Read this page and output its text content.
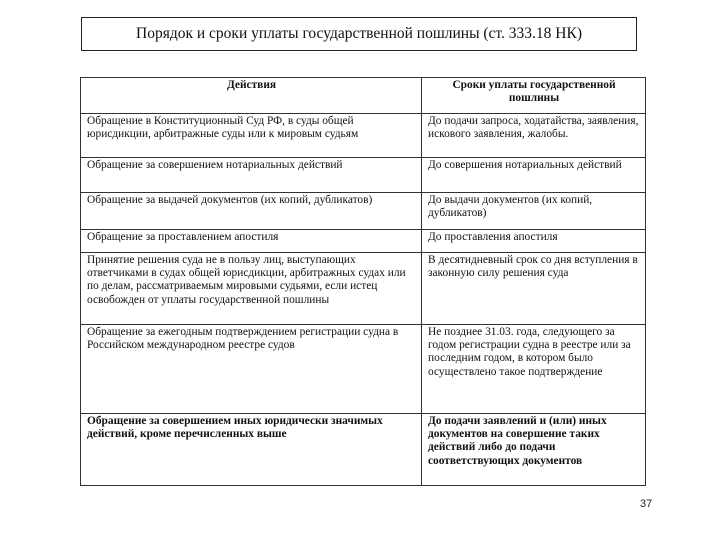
Порядок и сроки уплаты государственной пошлины (ст. 333.18 НК)
Действия	Сроки уплаты государственной пошлины
Обращение в Конституционный Суд РФ, в суды общей юрисдикции, арбитражные суды или к мировым судьям	До подачи запроса, ходатайства, заявления, искового заявления, жалобы.
Обращение за совершением нотариальных действий	До совершения нотариальных действий
Обращение за выдачей документов (их копий, дубликатов)	До выдачи документов (их копий, дубликатов)
Обращение за проставлением апостиля	До проставления апостиля
Принятие решения суда не в пользу лиц, выступающих ответчиками в судах общей юрисдикции, арбитражных судах или по делам, рассматриваемым мировыми судьями, если истец освобожден от уплаты государственной пошлины	В десятидневный срок со дня вступления в законную силу решения суда
Обращение за ежегодным подтверждением регистрации судна в Российском международном реестре судов	Не позднее 31.03. года, следующего за годом регистрации судна в реестре или за последним годом, в котором было осуществлено такое подтверждение
Обращение за совершением иных юридически значимых действий, кроме перечисленных выше	До подачи заявлений и (или) иных документов на совершение таких действий либо до подачи соответствующих документов
37
